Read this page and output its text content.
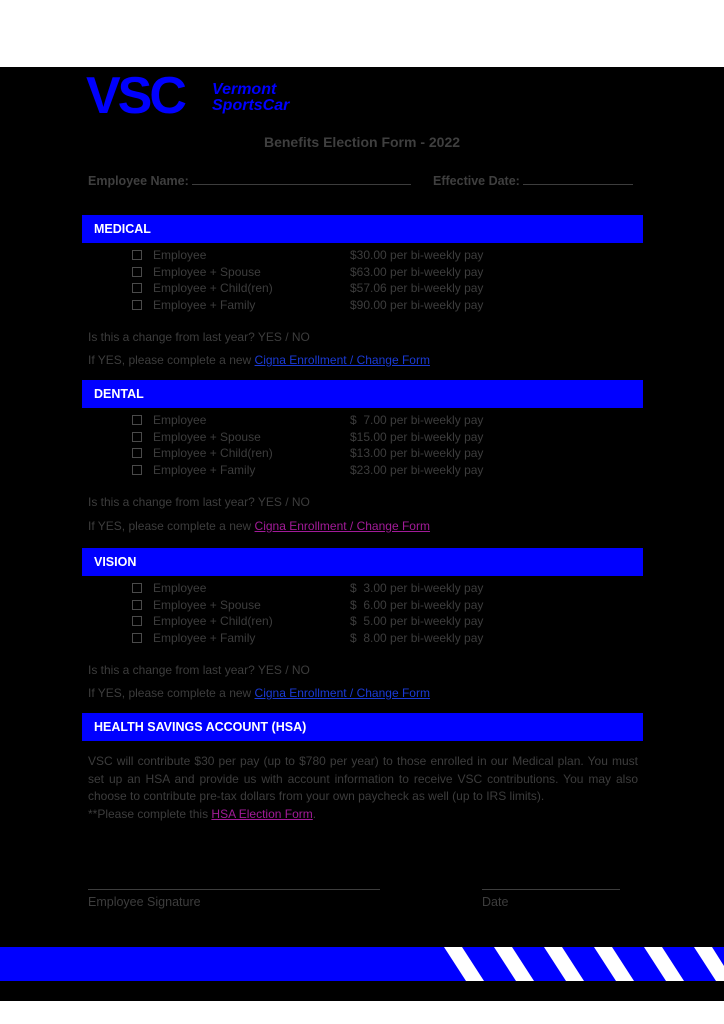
VSC Vermont
SportsCar
Benefits Election Form - 2022
Employee Name:	Effective Date:
MEDICAL
Employee	$30.00 per bi-weekly pay
Employee + Spouse	$63.00 per bi-weekly pay
Employee + Child(ren)	$57.06 per bi-weekly pay
Employee + Family	$90.00 per bi-weekly pay
Is this a change from last year? YES / NO
If YES, please complete a new Cigna Enrollment / Change Form
DENTAL
Employee	$  7.00 per bi-weekly pay
Employee + Spouse	$15.00 per bi-weekly pay
Employee + Child(ren)	$13.00 per bi-weekly pay
Employee + Family	$23.00 per bi-weekly pay
Is this a change from last year? YES / NO
If YES, please complete a new Cigna Enrollment / Change Form
VISION
Employee	$  3.00 per bi-weekly pay
Employee + Spouse	$  6.00 per bi-weekly pay
Employee + Child(ren)	$  5.00 per bi-weekly pay
Employee + Family	$  8.00 per bi-weekly pay
Is this a change from last year? YES / NO
If YES, please complete a new Cigna Enrollment / Change Form
HEALTH SAVINGS ACCOUNT (HSA)
VSC will contribute $30 per pay (up to $780 per year) to those enrolled in our Medical plan. You must set up an HSA and provide us with account information to receive VSC contributions. You may also choose to contribute pre-tax dollars from your own paycheck as well (up to IRS limits).
**Please complete this HSA Election Form.
Employee Signature	Date
